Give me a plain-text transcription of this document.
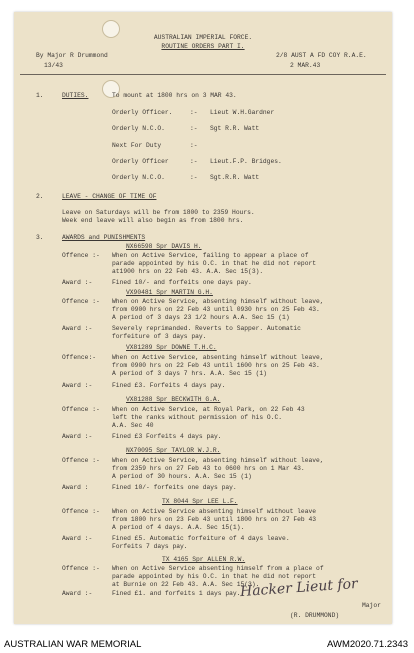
AUSTRALIAN IMPERIAL FORCE.
ROUTINE ORDERS PART I.
By Major R Drummond	2/8 AUST A FD COY R.A.E.
13/43	2 MAR.43
1.	DUTIES.	To mount at 1800 hrs on 3 MAR 43.
Orderly Officer.	:- Lieut W.H.Gardner
Orderly N.C.O.	:- Sgt R.R. Watt
Next For Duty	:-
Orderly Officer	:- Lieut.F.P. Bridges.
Orderly N.C.O.	:- Sgt.R.R. Watt
2.	LEAVE - CHANGE OF TIME OF
Leave on Saturdays will be from 1800 to 2359 Hours.
Week end leave will also begin as from 1800 hrs.
3.	AWARDS and PUNISHMENTS
NX66598 Spr DAVIS H.
Offence :- When on Active Service, failing to appear a place of
parade appointed by his O.C. in that he did not report
at1900 hrs on 22 Feb 43. A.A. Sec 15(3).
Award :-	Fined 10/- and forfeits one days pay.
VX90481 Spr MARTIN G.H.
Offence :- When on Active Service, absenting himself without leave,
from 0900 hrs on 22 Feb 43 until 0930 hrs on 25 Feb 43.
A period of 3 days 23 1/2 hours A.A. Sec 15 (1)
Award :-	Severely reprimanded. Reverts to Sapper. Automatic
forfeiture of 3 days pay.
VX81289 Spr DOWNE T.H.C.
Offence:-	When on Active Service, absenting himself without leave,
from 0900 hrs on 22 Feb 43 until 1600 hrs on 25 Feb 43.
A period of 3 days 7 hrs. A.A. Sec 15 (1)
Award :-	Fined £3. Forfeits 4 days pay.
VX81288 Spr BECKWITH G.A.
Offence :- When on Active Service, at Royal Park, on 22 Feb 43
left the ranks without permission of his O.C.
A.A. Sec 40
Award :-	Fined £3 Forfeits 4 days pay.
NX70095 Spr TAYLOR W.J.R.
Offence :- When on Active Service, absenting himself without leave,
from 2359 hrs on 27 Feb 43 to 0600 hrs on 1 Mar 43.
A period of 30 hours. A.A. Sec 15 (1)
Award :	Fined 10/- forfeits one days pay.
TX 8044 Spr LEE L.F.
Offence :- When on Active Service absenting himself without leave
from 1800 hrs on 23 Feb 43 until 1800 hrs on 27 Feb 43
A period of 4 days. A.A. Sec 15(1).
Award :-	Fined £5. Automatic forfeiture of 4 days leave.
Forfeits 7 days pay.
TX 4165 Spr ALLEN R.W.
Offence :- When on Active Service absenting himself from a place of
parade appointed by his O.C. in that he did not report
at Burnie on 22 Feb 43. A.A. Sec 15(3).
Award :-	Fined £1. and forfeits 1 days pay.
Major
(R. DRUMMOND)
Hacker Lieut for
AUSTRALIAN WAR MEMORIAL	AWM2020.71.2343
